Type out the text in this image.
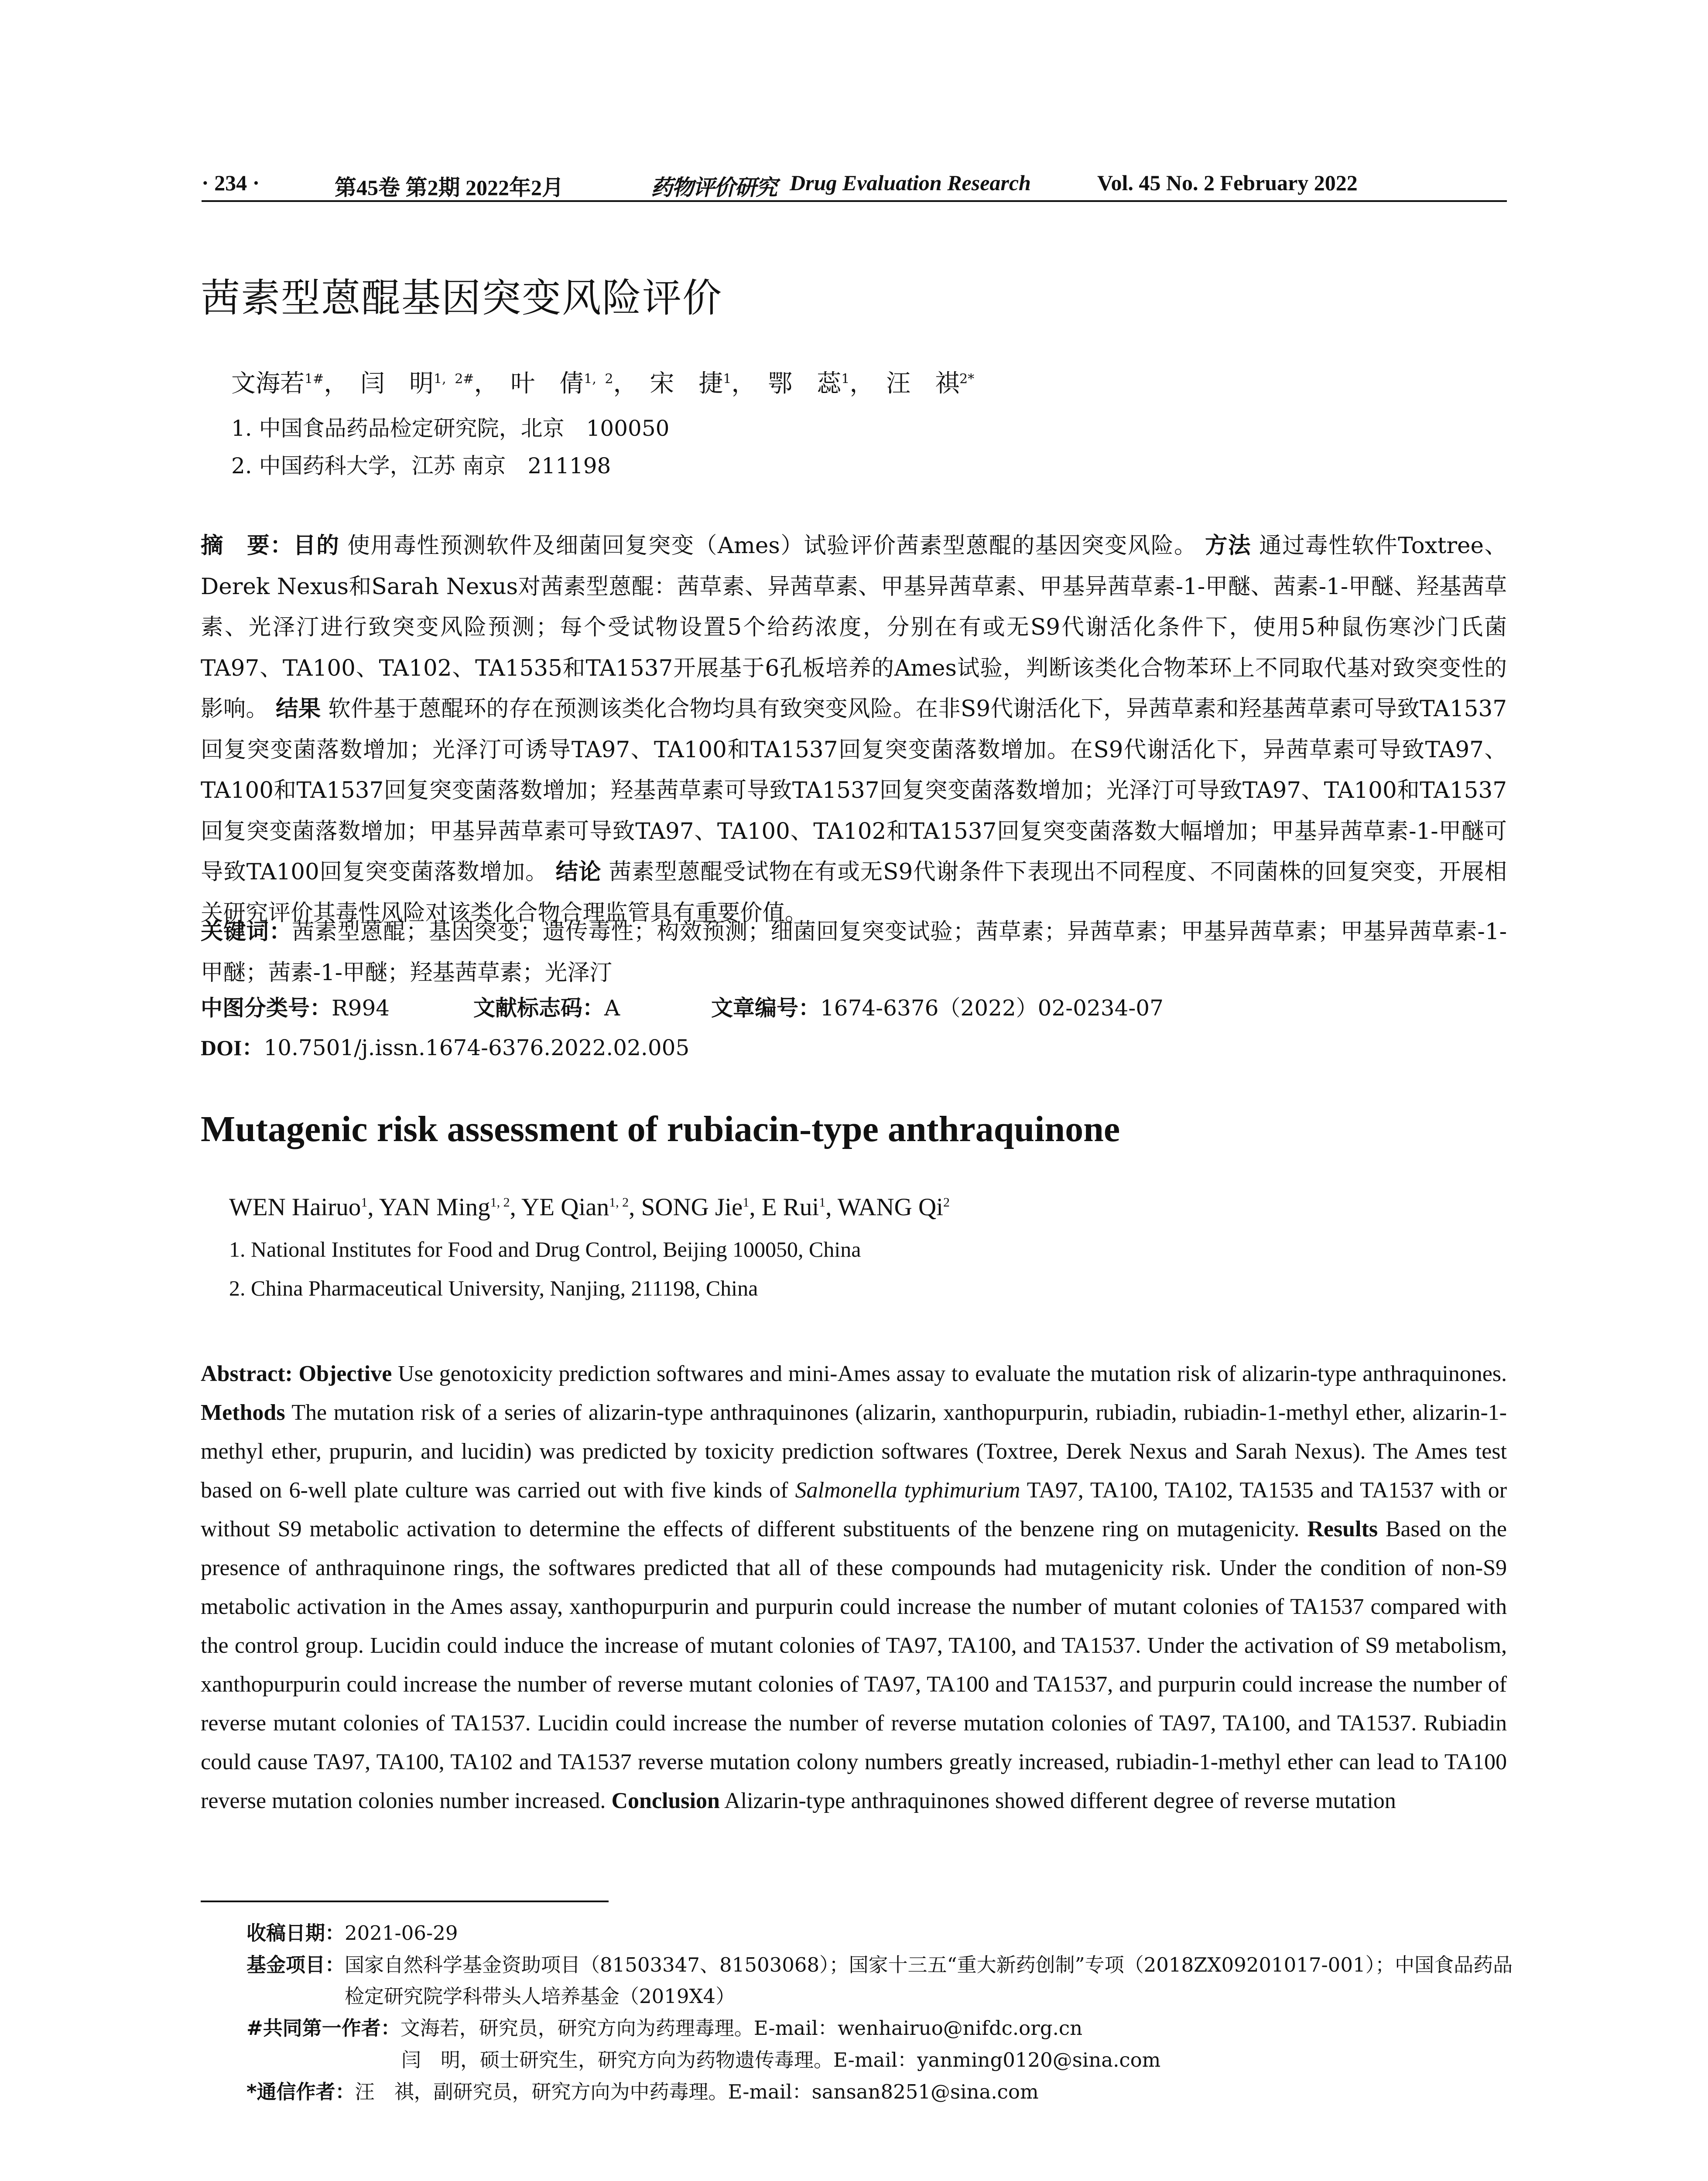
· 234 ·	第45卷 第2期 2022年2月	药物评价研究 Drug Evaluation Research	Vol. 45 No. 2 February 2022
茜素型蒽醌基因突变风险评价
文海若$^{1\#}$， 闫　明$^{1, 2\#}$， 叶　倩$^{1, 2}$， 宋　捷$^1$， 鄂　蕊$^1$， 汪　祺$^{2*}$
1. 中国食品药品检定研究院，北京　100050
2. 中国药科大学，江苏 南京　211198
摘　要：目的 使用毒性预测软件及细菌回复突变（Ames）试验评价茜素型蒽醌的基因突变风险。 方法 通过毒性软件Toxtree、Derek Nexus和Sarah Nexus对茜素型蒽醌：茜草素、异茜草素、甲基异茜草素、甲基异茜草素-1-甲醚、茜素-1-甲醚、羟基茜草素、光泽汀进行致突变风险预测；每个受试物设置5个给药浓度，分别在有或无S9代谢活化条件下，使用5种鼠伤寒沙门氏菌TA97、TA100、TA102、TA1535和TA1537开展基于6孔板培养的Ames试验，判断该类化合物苯环上不同取代基对致突变性的影响。 结果 软件基于蒽醌环的存在预测该类化合物均具有致突变风险。在非S9代谢活化下，异茜草素和羟基茜草素可导致TA1537回复突变菌落数增加；光泽汀可诱导TA97、TA100和TA1537回复突变菌落数增加。在S9代谢活化下，异茜草素可导致TA97、TA100和TA1537回复突变菌落数增加；羟基茜草素可导致TA1537回复突变菌落数增加；光泽汀可导致TA97、TA100和TA1537回复突变菌落数增加；甲基异茜草素可导致TA97、TA100、TA102和TA1537回复突变菌落数大幅增加；甲基异茜草素-1-甲醚可导致TA100回复突变菌落数增加。 结论 茜素型蒽醌受试物在有或无S9代谢条件下表现出不同程度、不同菌株的回复突变，开展相关研究评价其毒性风险对该类化合物合理监管具有重要价值。
关键词：茜素型蒽醌；基因突变；遗传毒性；构效预测；细菌回复突变试验；茜草素；异茜草素；甲基异茜草素；甲基异茜草素-1-甲醚；茜素-1-甲醚；羟基茜草素；光泽汀
中图分类号：R994	文献标志码：A	文章编号：1674-6376（2022）02-0234-07
DOI：10.7501/j.issn.1674-6376.2022.02.005
Mutagenic risk assessment of rubiacin-type anthraquinone
WEN Hairuo$^1$, YAN Ming$^{1, 2}$, YE Qian$^{1, 2}$, SONG Jie$^1$, E Rui$^1$, WANG Qi$^2$
1. National Institutes for Food and Drug Control, Beijing 100050, China
2. China Pharmaceutical University, Nanjing, 211198, China
Abstract: Objective Use genotoxicity prediction softwares and mini-Ames assay to evaluate the mutation risk of alizarin-type anthraquinones. Methods The mutation risk of a series of alizarin-type anthraquinones (alizarin, xanthopurpurin, rubiadin, rubiadin-1-methyl ether, alizarin-1-methyl ether, prupurin, and lucidin) was predicted by toxicity prediction softwares (Toxtree, Derek Nexus and Sarah Nexus). The Ames test based on 6-well plate culture was carried out with five kinds of Salmonella typhimurium TA97, TA100, TA102, TA1535 and TA1537 with or without S9 metabolic activation to determine the effects of different substituents of the benzene ring on mutagenicity. Results Based on the presence of anthraquinone rings, the softwares predicted that all of these compounds had mutagenicity risk. Under the condition of non-S9 metabolic activation in the Ames assay, xanthopurpurin and purpurin could increase the number of mutant colonies of TA1537 compared with the control group. Lucidin could induce the increase of mutant colonies of TA97, TA100, and TA1537. Under the activation of S9 metabolism, xanthopurpurin could increase the number of reverse mutant colonies of TA97, TA100 and TA1537, and purpurin could increase the number of reverse mutant colonies of TA1537. Lucidin could increase the number of reverse mutation colonies of TA97, TA100, and TA1537. Rubiadin could cause TA97, TA100, TA102 and TA1537 reverse mutation colony numbers greatly increased, rubiadin-1-methyl ether can lead to TA100 reverse mutation colonies number increased. Conclusion Alizarin-type anthraquinones showed different degree of reverse mutation
收稿日期：2021-06-29
基金项目：国家自然科学基金资助项目（81503347、81503068）；国家十三五“重大新药创制”专项（2018ZX09201017-001）；中国食品药品
检定研究院学科带头人培养基金（2019X4）
#共同第一作者：文海若，研究员，研究方向为药理毒理。E-mail：wenhairuo@nifdc.org.cn
闫　明，硕士研究生，研究方向为药物遗传毒理。E-mail：yanming0120@sina.com
*通信作者：汪　祺，副研究员，研究方向为中药毒理。E-mail：sansan8251@sina.com
